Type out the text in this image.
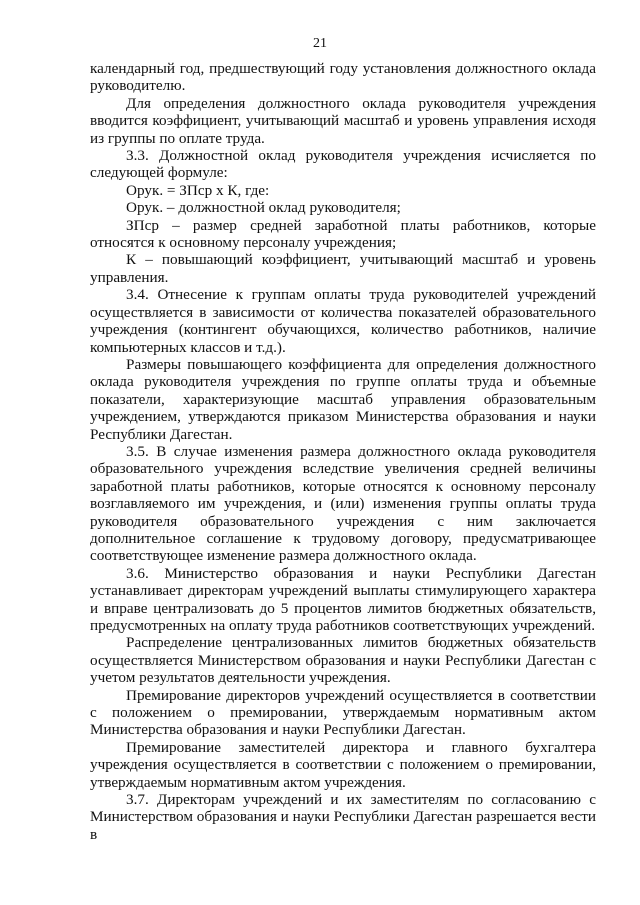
21

календарный год, предшествующий году установления должностного оклада руководителю.

Для определения должностного оклада руководителя учреждения вводится коэффициент, учитывающий масштаб и уровень управления исходя из группы по оплате труда.

3.3. Должностной оклад руководителя учреждения исчисляется по следующей формуле:

Орук. = ЗПср х К, где:

Орук. – должностной оклад руководителя;

ЗПср – размер средней заработной платы работников, которые относятся к основному персоналу учреждения;

К – повышающий коэффициент, учитывающий масштаб и уровень управления.

3.4. Отнесение к группам оплаты труда руководителей учреждений осуществляется в зависимости от количества показателей образовательного учреждения (контингент обучающихся, количество работников, наличие компьютерных классов и т.д.).

Размеры повышающего коэффициента для определения должностного оклада руководителя учреждения по группе оплаты труда и объемные показатели, характеризующие масштаб управления образовательным учреждением, утверждаются приказом Министерства образования и науки Республики Дагестан.

3.5. В случае изменения размера должностного оклада руководителя образовательного учреждения вследствие увеличения средней величины заработной платы работников, которые относятся к основному персоналу возглавляемого им учреждения, и (или) изменения группы оплаты труда руководителя образовательного учреждения с ним заключается дополнительное соглашение к трудовому договору, предусматривающее соответствующее изменение размера должностного оклада.

3.6. Министерство образования и науки Республики Дагестан устанавливает директорам учреждений выплаты стимулирующего характера и вправе централизовать до 5 процентов лимитов бюджетных обязательств, предусмотренных на оплату труда работников соответствующих учреждений.

Распределение централизованных лимитов бюджетных обязательств осуществляется Министерством образования и науки Республики Дагестан с учетом результатов деятельности учреждения.

Премирование директоров учреждений осуществляется в соответствии с положением о премировании, утверждаемым нормативным актом Министерства образования и науки Республики Дагестан.

Премирование заместителей директора и главного бухгалтера учреждения осуществляется в соответствии с положением о премировании, утверждаемым нормативным актом учреждения.

3.7. Директорам учреждений и их заместителям по согласованию с Министерством образования и науки Республики Дагестан разрешается вести в
